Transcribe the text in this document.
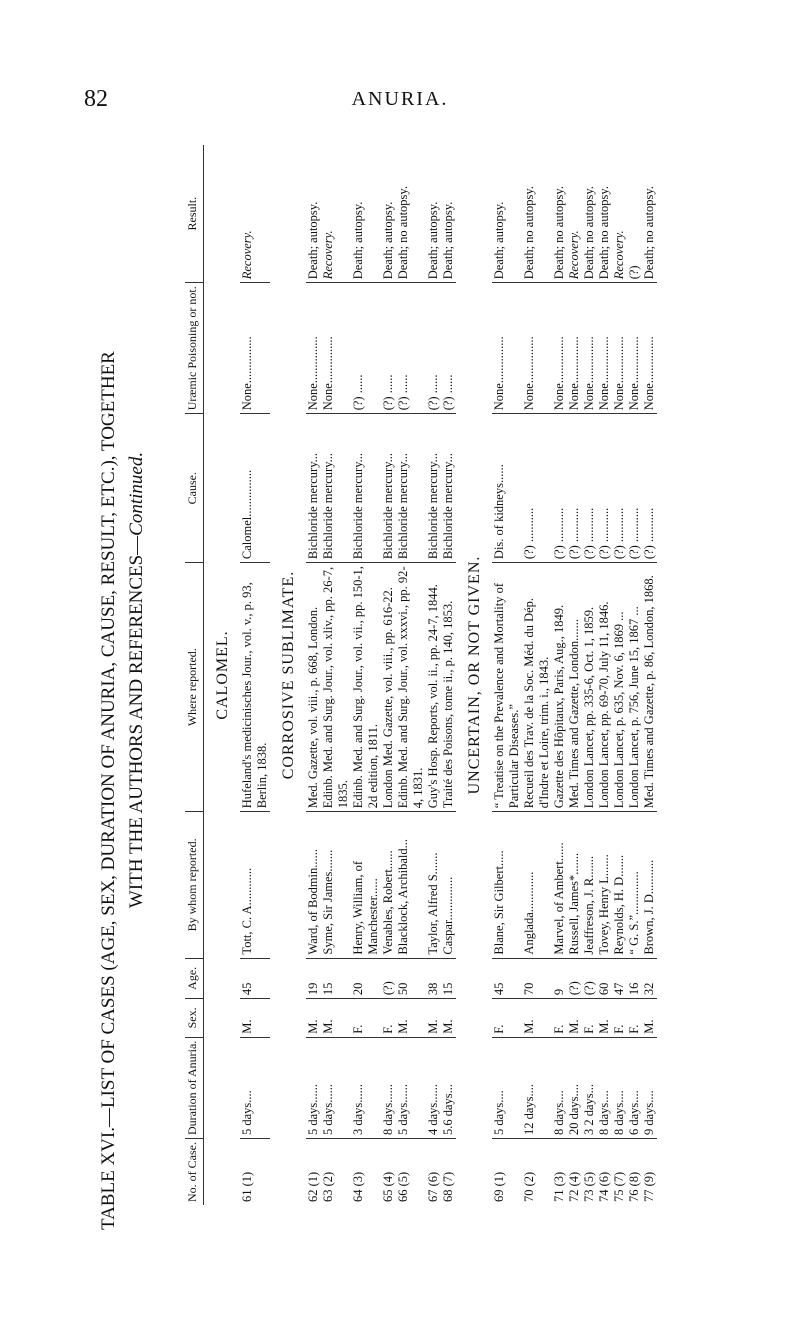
82	ANURIA.
TABLE XVI.—LIST OF CASES (AGE, SEX, DURATION OF ANURIA, CAUSE, RESULT, ETC.), TOGETHER WITH THE AUTHORS AND REFERENCES—Continued.
No. of Case.	Duration of Anuria.	Sex.	Age.	By whom reported.	Where reported.	Cause.	Uræmic Poisoning or not.	Result.
CALOMEL.								
61 (1)	5 days....	M.	45	Tott, C. A............	Hufeland's medicinisches Jour., vol. v., p. 93, Berlin, 1838.	Calomel...............	None...............	Recovery.
CORROSIVE SUBLIMATE.								
62 (1)	5 days......	M.	19	Ward, of Bodmin......	Med. Gazette, vol. viii., p. 668, London.	Bichloride mercury...	None...............	Death; autopsy.
63 (2)	5 days......	M.	15	Syme, Sir James.......	Edinb. Med. and Surg. Jour., vol. xliv., pp. 26-7, 1835.	Bichloride mercury...	None...............	Recovery.
64 (3)	3 days......	F.	20	Henry, William, of Manchester......	Edinb. Med. and Surg. Jour., vol. vii., pp. 150-1, 2d edition, 1811.	Bichloride mercury...	(?) ......	Death; autopsy.
65 (4)	8 days......	F.	(?)	Venables, Robert......	London Med. Gazette, vol. viii., pp. 616-22.	Bichloride mercury...	(?) ......	Death; autopsy.
66 (5)	5 days......	M.	50	Blacklock, Archibald...	Edinb. Med. and Surg. Jour., vol. xxxvi., pp. 92-4, 1831.	Bichloride mercury...	(?) ......	Death; no autopsy.
67 (6)	4 days......	M.	38	Taylor, Alfred S.......	Guy's Hosp. Reports, vol. ii., pp. 24-7, 1844.	Bichloride mercury...	(?) ......	Death; autopsy.
68 (7)	5.6 days...	M.	15	Caspar..............	Traité des Poisons, tome ii., p. 140, 1853.	Bichloride mercury...	(?) ......	Death; autopsy.
UNCERTAIN, OR NOT GIVEN.								
69 (1)	5 days....	F.	45	Blane, Sir Gilbert.....	“ Treatise on the Prevalence and Mortality of Particular Diseases.”	Dis. of kidneys......	None...............	Death; autopsy.
70 (2)	12 days....	M.	70	Anglada.............	Recueil des Trav. de la Soc. Méd. du Dép. d'Indre et Loire, trim. i., 1843.	(?) ...........	None...............	Death; no autopsy.
71 (3)	8 days....	F.	9	Marvel, of Ambert......	Gazette des Hôpitaux, Paris, Aug., 1849.	(?) ...........	None...............	Death; no autopsy.
72 (4)	20 days....	M.	(?)	Russell, James*.......	Med. Times and Gazette, London.......	(?) ...........	None...............	Recovery.
73 (5)	3 2 days...	F.	(?)	Jeaffreson, J. R.......	London Lancet, pp. 335-6, Oct. 1, 1859.	(?) ...........	None...............	Death; no autopsy.
74 (6)	8 days....	M.	60	Tovey, Henry L.......	London Lancet, pp. 69-70, July 11, 1846.	(?) ...........	None...............	Death; no autopsy.
75 (7)	8 days....	F.	47	Reynolds, H. D.......	London Lancet, p. 635, Nov. 6, 1869 ...	(?) ...........	None...............	Recovery.
76 (8)	6 days....	F.	16	“ G. S.”..............	London Lancet, p. 756, June 15, 1867 ...	(?) ...........	None...............	(?)
77 (9)	9 days....	M.	32	Brown, J. D...........	Med. Times and Gazette, p. 86, London, 1868.	(?) ...........	None...............	Death; no autopsy.
